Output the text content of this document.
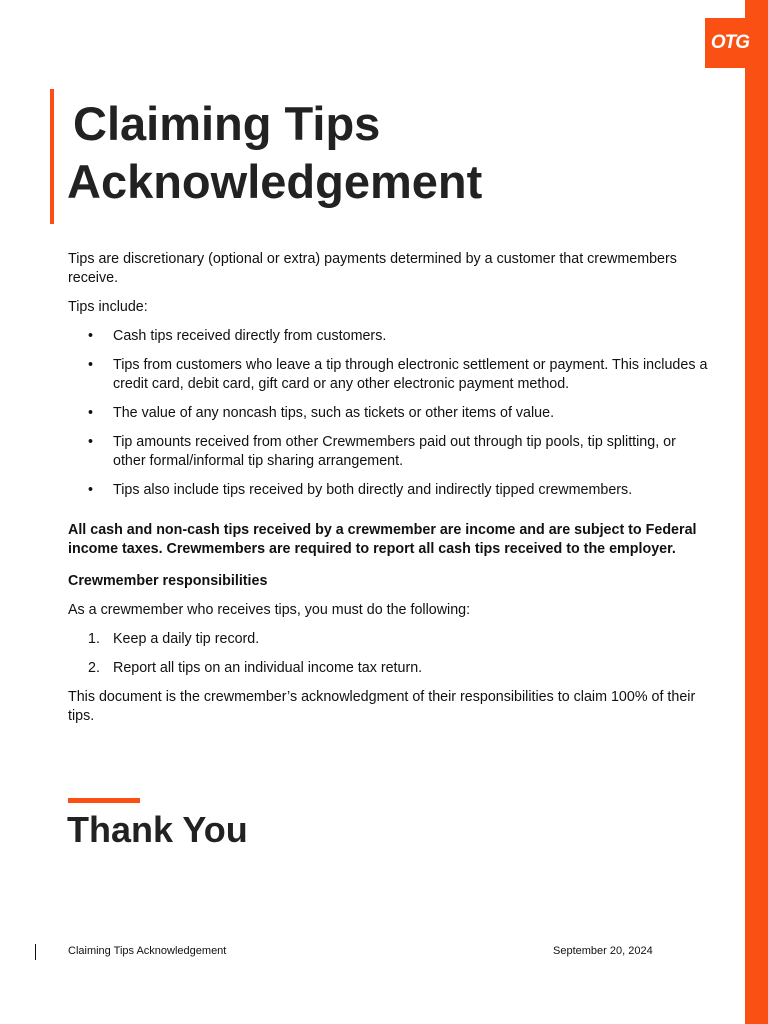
OTG
Claiming Tips
Acknowledgement

Tips are discretionary (optional or extra) payments determined by a customer that crewmembers receive.

Tips include:

• Cash tips received directly from customers.
• Tips from customers who leave a tip through electronic settlement or payment. This includes a credit card, debit card, gift card or any other electronic payment method.
• The value of any noncash tips, such as tickets or other items of value.
• Tip amounts received from other Crewmembers paid out through tip pools, tip splitting, or other formal/informal tip sharing arrangement.
• Tips also include tips received by both directly and indirectly tipped crewmembers.

All cash and non-cash tips received by a crewmember are income and are subject to Federal income taxes. Crewmembers are required to report all cash tips received to the employer.

Crewmember responsibilities

As a crewmember who receives tips, you must do the following:

1. Keep a daily tip record.
2. Report all tips on an individual income tax return.

This document is the crewmember’s acknowledgment of their responsibilities to claim 100% of their tips.

Thank You
Claiming Tips Acknowledgement	September 20, 2024
